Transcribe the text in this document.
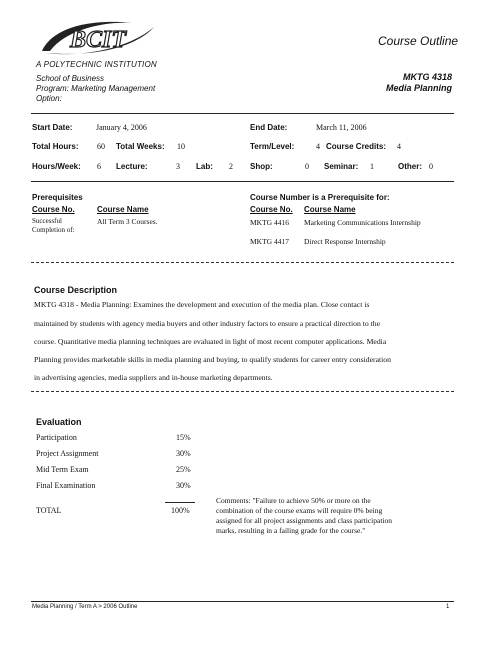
BCIT
A POLYTECHNIC INSTITUTION
Course Outline
School of Business
Program: Marketing Management
Option:
MKTG 4318
Media Planning
Start Date:	January 4, 2006	End Date:	March 11, 2006
Total Hours: 60 Total Weeks: 10	Term/Level:	4 Course Credits: 4
Hours/Week: 6 Lecture:	3 Lab: 2 Shop:	0 Seminar: 1	Other: 0
Prerequisites
Course No.	Course Name
Successful Completion of:
All Term 3 Courses.
Course Number is a Prerequisite for:
Course No. Course Name
MKTG 4416 Marketing Communications Internship
MKTG 4417 Direct Response Internship
Course Description
MKTG 4318 - Media Planning: Examines the development and execution of the media plan. Close contact is
maintained by students with agency media buyers and other industry factors to ensure a practical direction to the
course. Quantitative media planning techniques are evaluated in light of most recent computer applications. Media
Planning provides marketable skills in media planning and buying, to qualify students for career entry consideration
in advertising agencies, media suppliers and in-house marketing departments.
Evaluation
Participation	15%
Project Assignment	30%
Mid Term Exam	25%
Final Examination	30%
TOTAL	100%
Comments: "Failure to achieve 50% or more on the
combination of the course exams will require 0% being
assigned for all project assignments and class participation
marks, resulting in a failing grade for the course."
Media Planning / Term A > 2006 Outline	1
